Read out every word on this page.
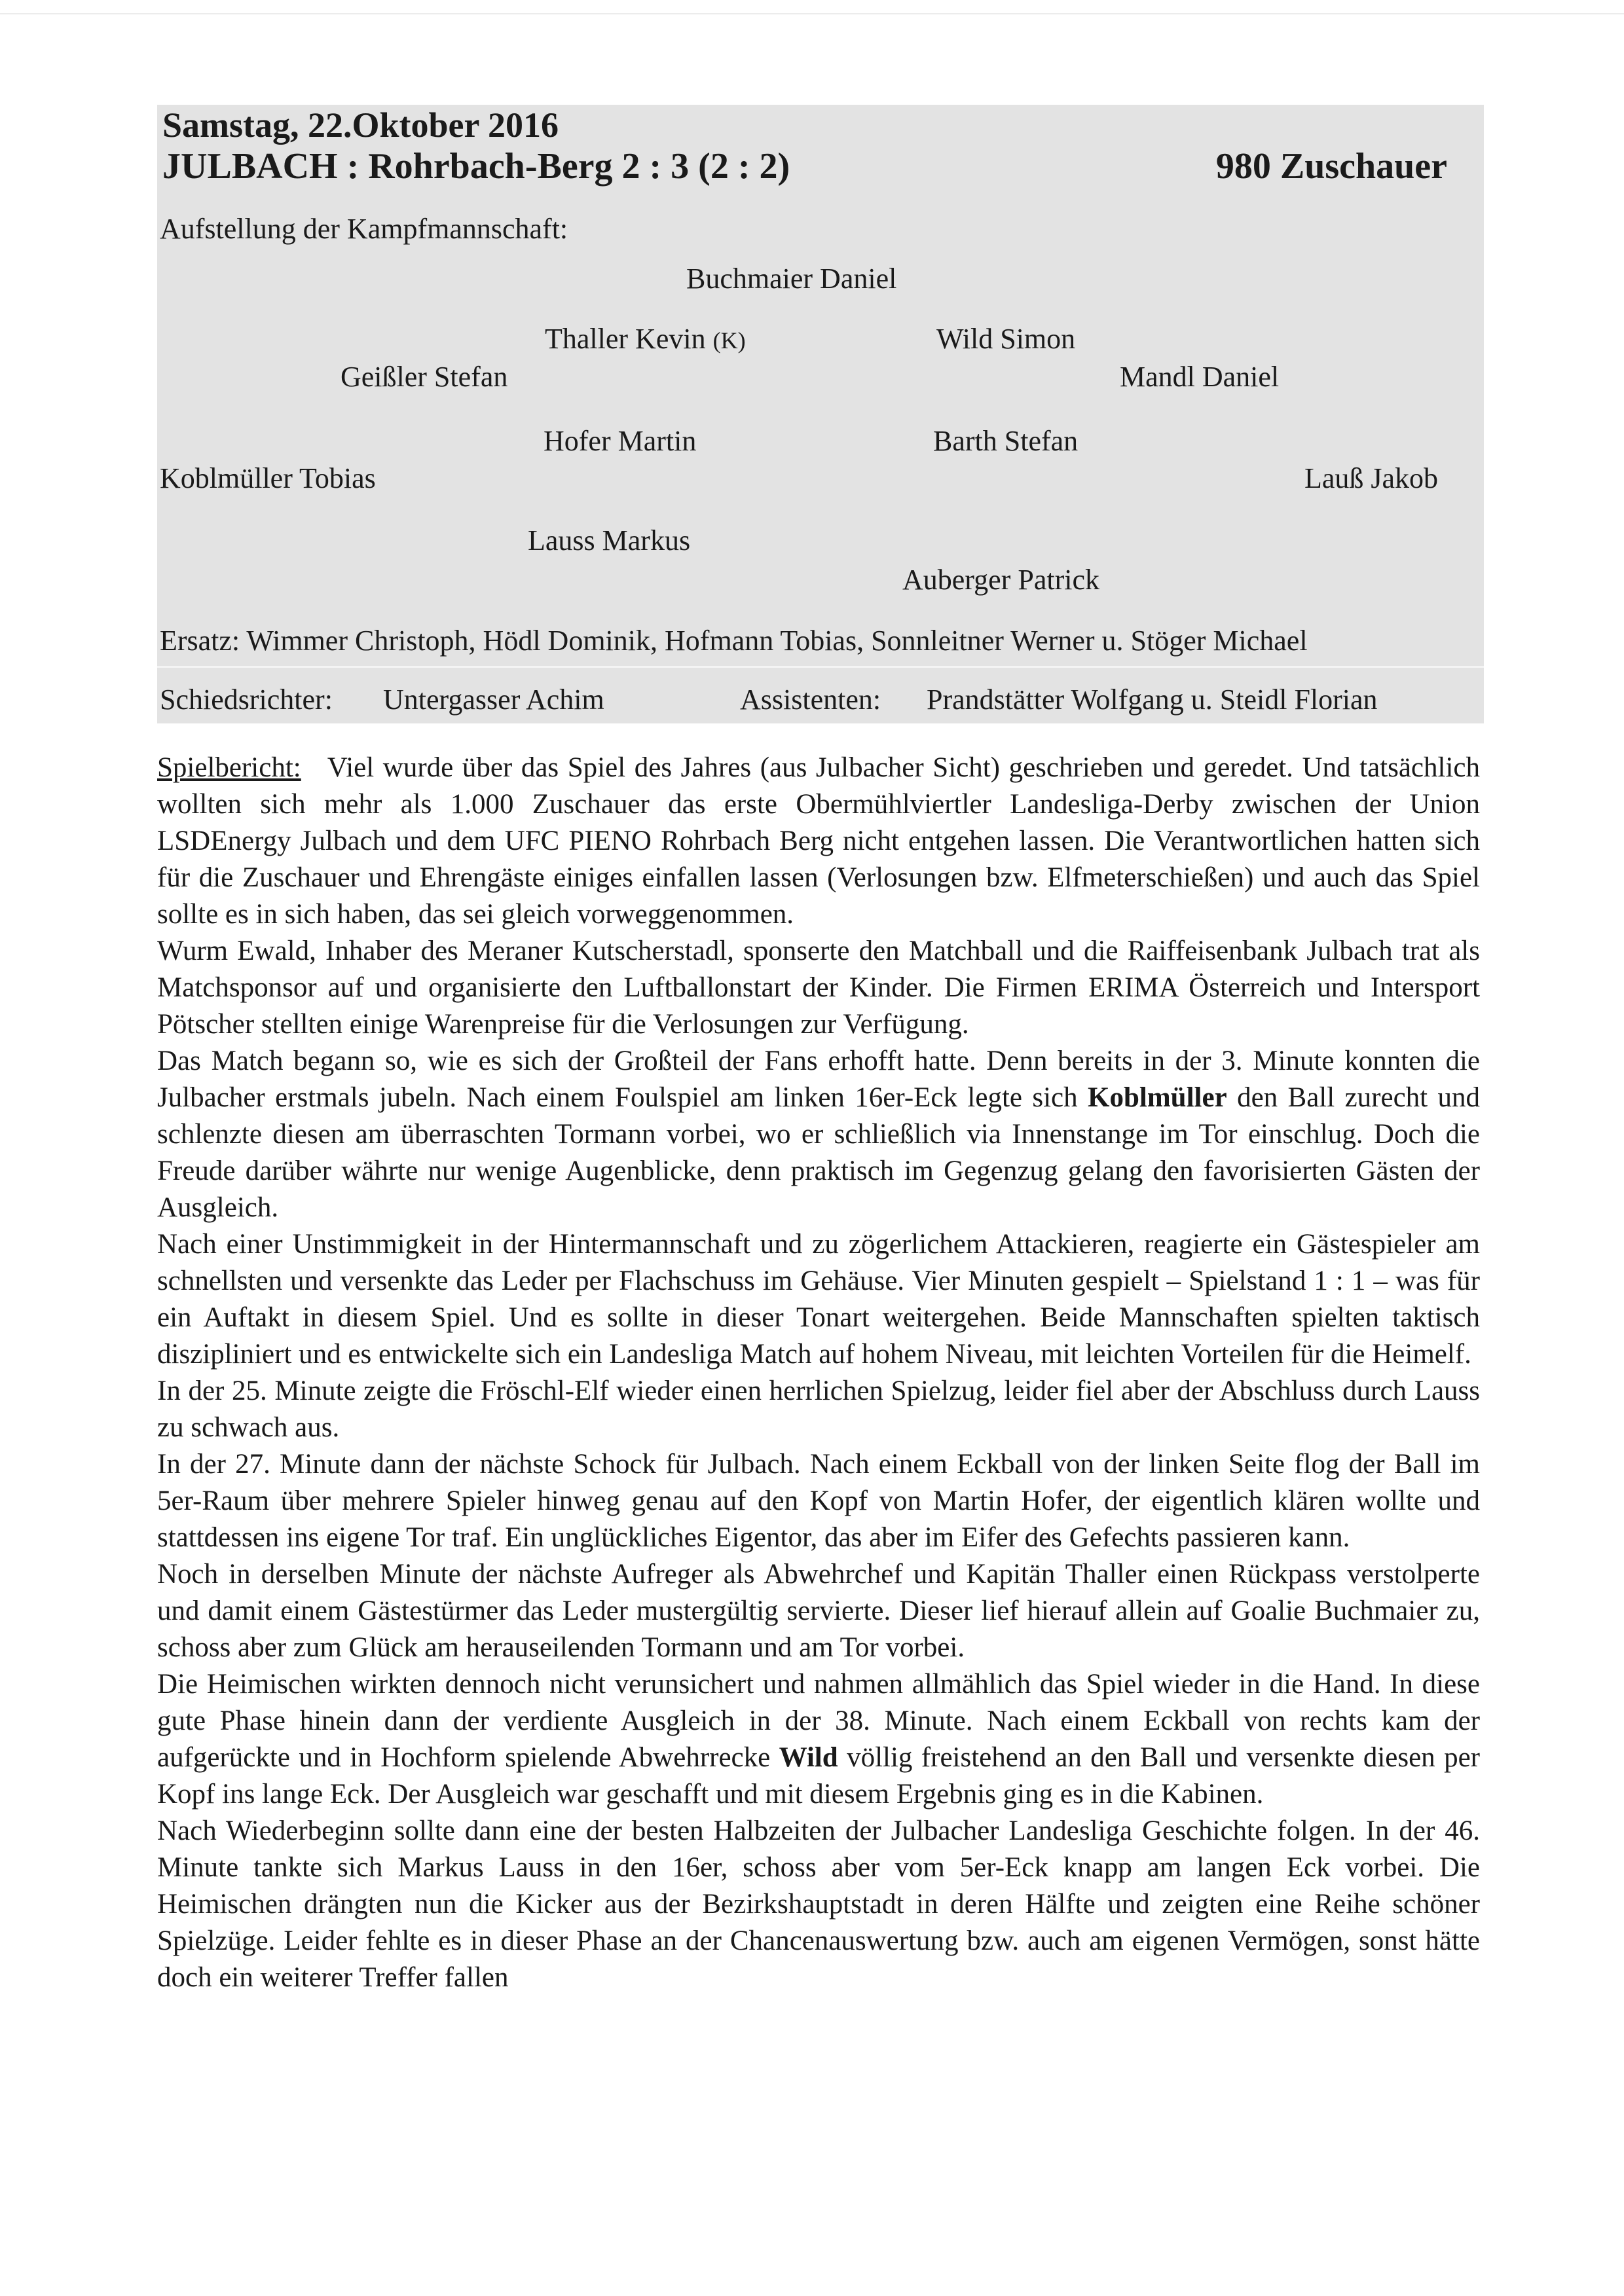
Samstag, 22.Oktober 2016
JULBACH : Rohrbach-Berg 2 : 3 (2 : 2)	980 Zuschauer
Aufstellung der Kampfmannschaft:
Buchmaier Daniel
Thaller Kevin (K)	Wild Simon
Geißler Stefan	Mandl Daniel
Hofer Martin	Barth Stefan
Koblmüller Tobias	Lauß Jakob
Lauss Markus
Auberger Patrick
Ersatz: Wimmer Christoph, Hödl Dominik, Hofmann Tobias, Sonnleitner Werner u. Stöger Michael
Schiedsrichter: Untergasser Achim	Assistenten: Prandstätter Wolfgang u. Steidl Florian

Spielbericht: Viel wurde über das Spiel des Jahres (aus Julbacher Sicht) geschrieben und geredet. Und tatsächlich wollten sich mehr als 1.000 Zuschauer das erste Obermühlviertler Landesliga-Derby zwischen der Union LSDEnergy Julbach und dem UFC PIENO Rohrbach Berg nicht entgehen lassen. Die Verantwortlichen hatten sich für die Zuschauer und Ehrengäste einiges einfallen lassen (Verlosungen bzw. Elfmeterschießen) und auch das Spiel sollte es in sich haben, das sei gleich vorweggenommen.

Wurm Ewald, Inhaber des Meraner Kutscherstadl, sponserte den Matchball und die Raiffeisenbank Julbach trat als Matchsponsor auf und organisierte den Luftballonstart der Kinder. Die Firmen ERIMA Österreich und Intersport Pötscher stellten einige Warenpreise für die Verlosungen zur Verfügung.

Das Match begann so, wie es sich der Großteil der Fans erhofft hatte. Denn bereits in der 3. Minute konnten die Julbacher erstmals jubeln. Nach einem Foulspiel am linken 16er-Eck legte sich Koblmüller den Ball zurecht und schlenzte diesen am überraschten Tormann vorbei, wo er schließlich via Innenstange im Tor einschlug. Doch die Freude darüber währte nur wenige Augenblicke, denn praktisch im Gegenzug gelang den favorisierten Gästen der Ausgleich.

Nach einer Unstimmigkeit in der Hintermannschaft und zu zögerlichem Attackieren, reagierte ein Gästespieler am schnellsten und versenkte das Leder per Flachschuss im Gehäuse. Vier Minuten gespielt – Spielstand 1 : 1 – was für ein Auftakt in diesem Spiel. Und es sollte in dieser Tonart weitergehen. Beide Mannschaften spielten taktisch diszipliniert und es entwickelte sich ein Landesliga Match auf hohem Niveau, mit leichten Vorteilen für die Heimelf.

In der 25. Minute zeigte die Fröschl-Elf wieder einen herrlichen Spielzug, leider fiel aber der Abschluss durch Lauss zu schwach aus.

In der 27. Minute dann der nächste Schock für Julbach. Nach einem Eckball von der linken Seite flog der Ball im 5er-Raum über mehrere Spieler hinweg genau auf den Kopf von Martin Hofer, der eigentlich klären wollte und stattdessen ins eigene Tor traf. Ein unglückliches Eigentor, das aber im Eifer des Gefechts passieren kann.

Noch in derselben Minute der nächste Aufreger als Abwehrchef und Kapitän Thaller einen Rückpass verstolperte und damit einem Gästestürmer das Leder mustergültig servierte. Dieser lief hierauf allein auf Goalie Buchmaier zu, schoss aber zum Glück am herauseilenden Tormann und am Tor vorbei.

Die Heimischen wirkten dennoch nicht verunsichert und nahmen allmählich das Spiel wieder in die Hand. In diese gute Phase hinein dann der verdiente Ausgleich in der 38. Minute. Nach einem Eckball von rechts kam der aufgerückte und in Hochform spielende Abwehrrecke Wild völlig freistehend an den Ball und versenkte diesen per Kopf ins lange Eck. Der Ausgleich war geschafft und mit diesem Ergebnis ging es in die Kabinen.

Nach Wiederbeginn sollte dann eine der besten Halbzeiten der Julbacher Landesliga Geschichte folgen. In der 46. Minute tankte sich Markus Lauss in den 16er, schoss aber vom 5er-Eck knapp am langen Eck vorbei. Die Heimischen drängten nun die Kicker aus der Bezirkshauptstadt in deren Hälfte und zeigten eine Reihe schöner Spielzüge. Leider fehlte es in dieser Phase an der Chancenauswertung bzw. auch am eigenen Vermögen, sonst hätte doch ein weiterer Treffer fallen
